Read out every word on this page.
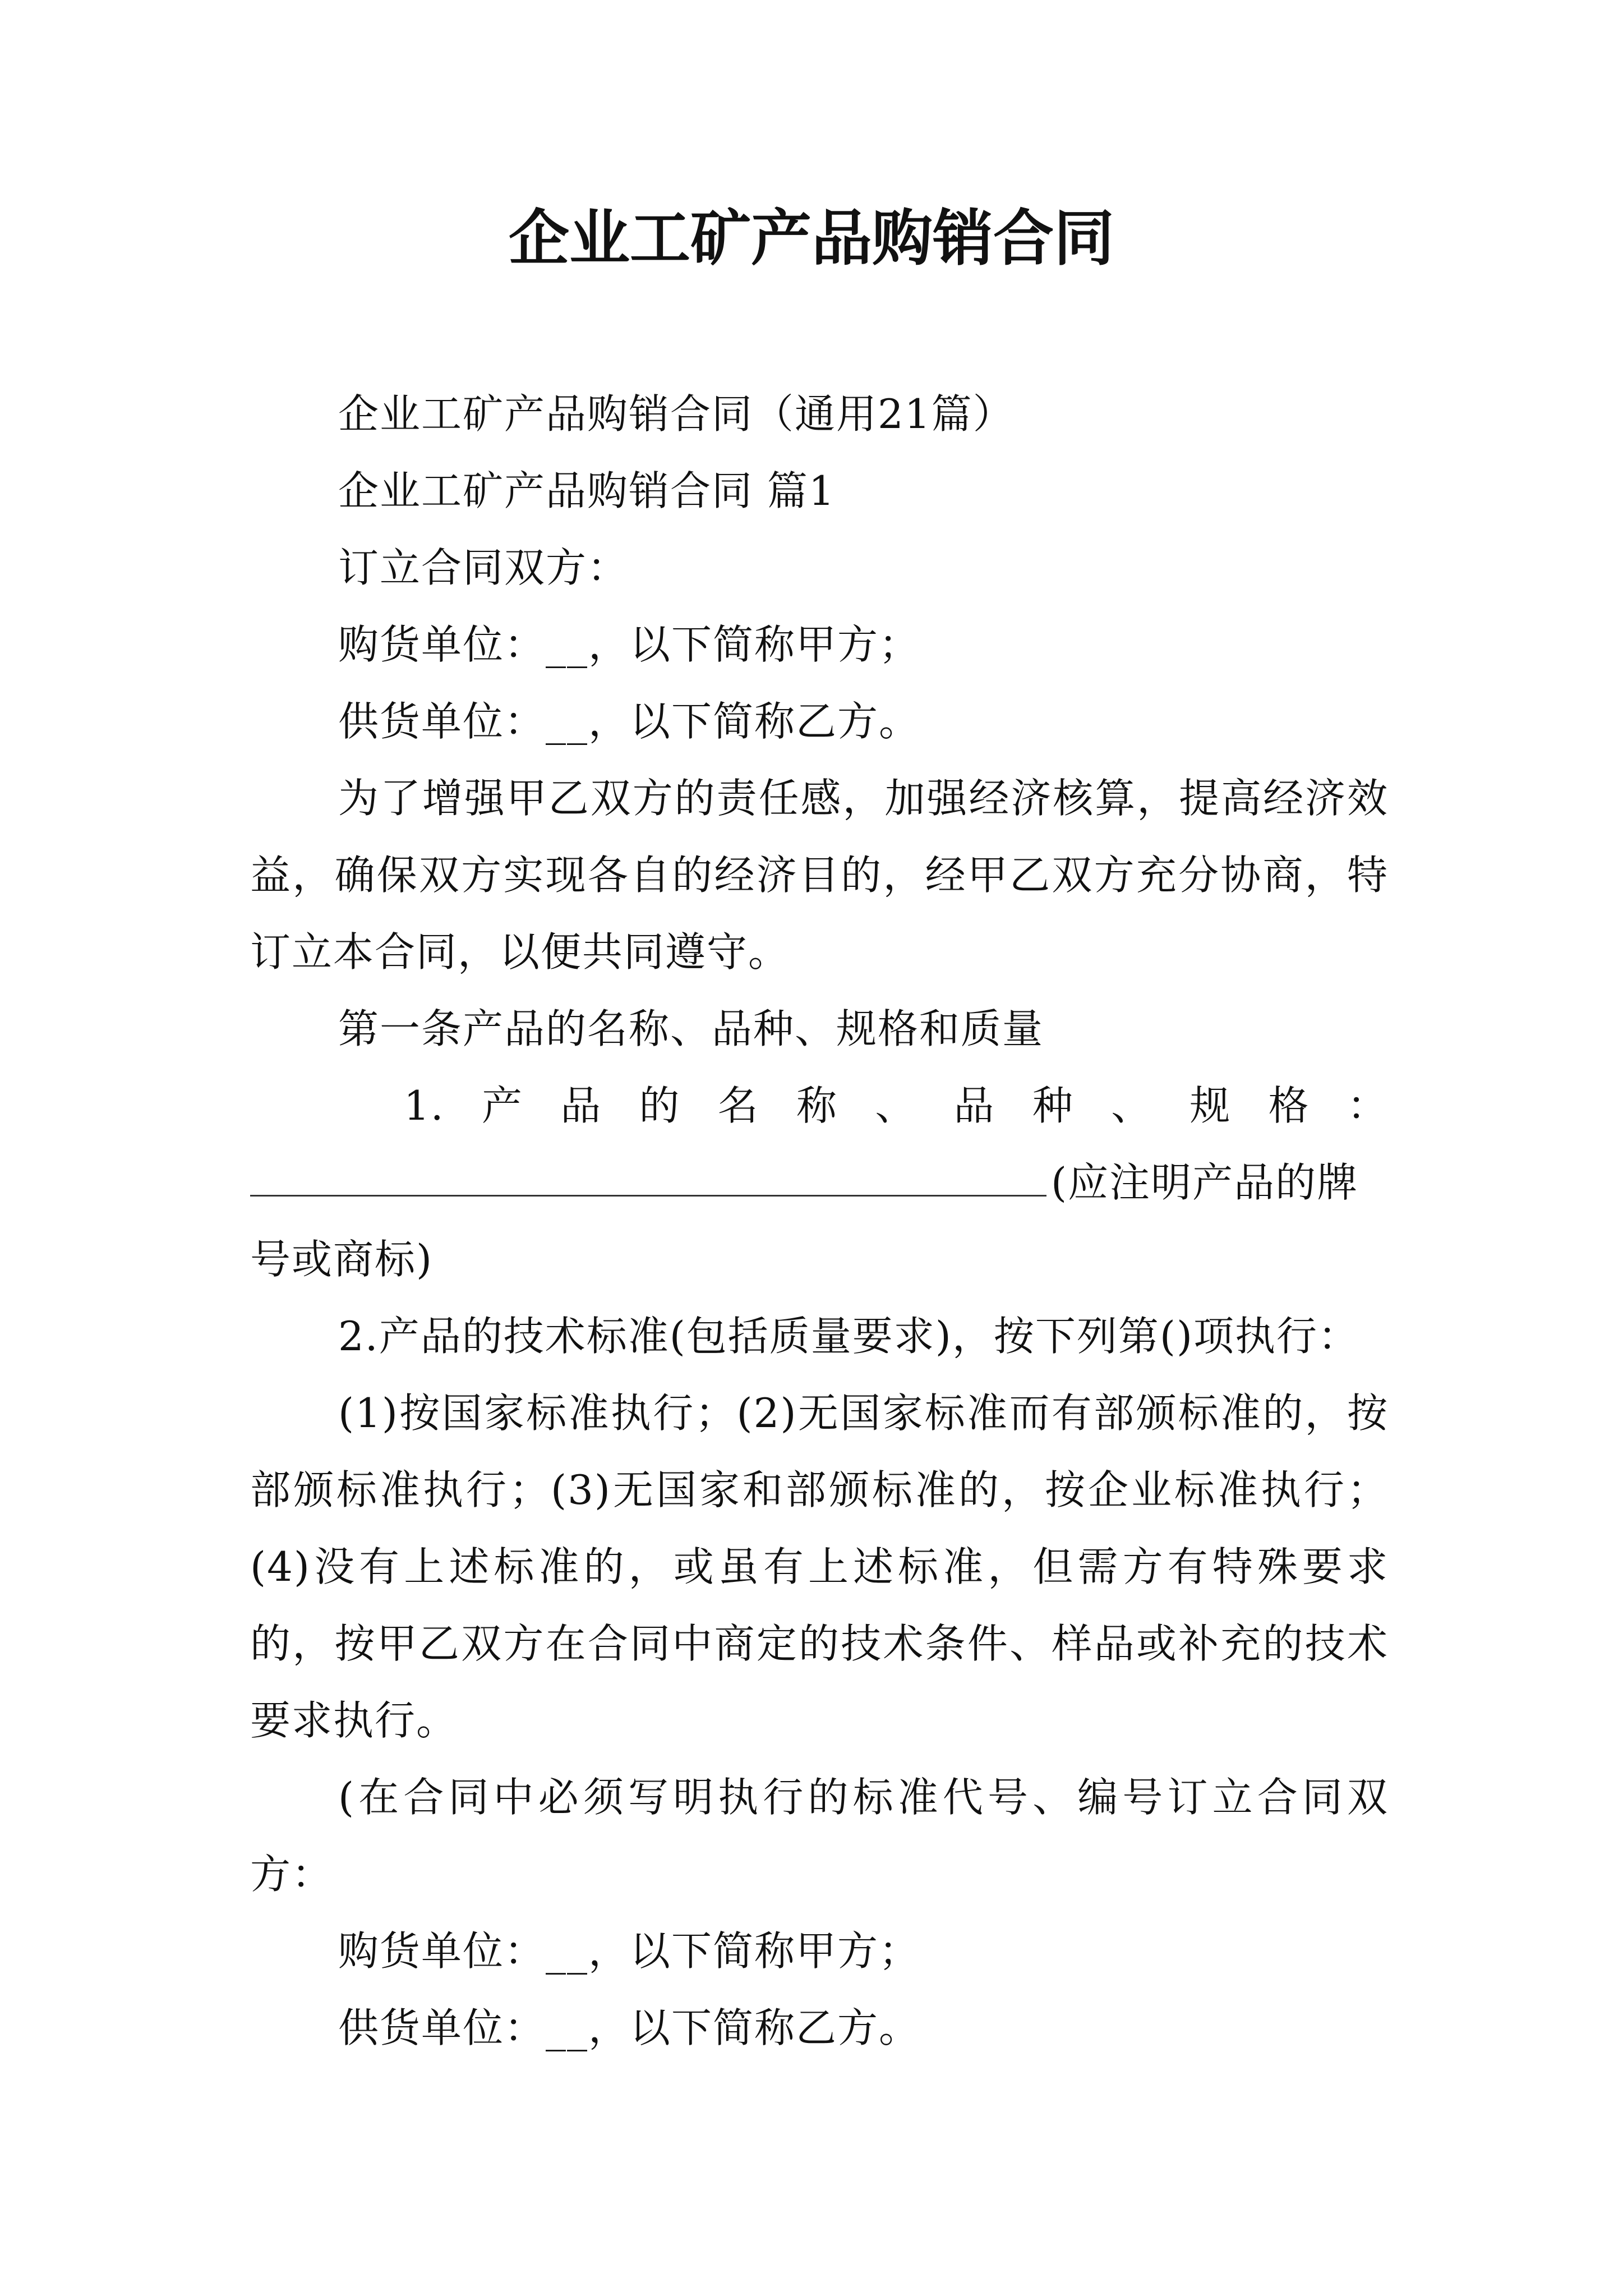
企业工矿产品购销合同

企业工矿产品购销合同（通用21篇）

企业工矿产品购销合同 篇1

订立合同双方：

购货单位：__，以下简称甲方；

供货单位：__，以下简称乙方。

为了增强甲乙双方的责任感，加强经济核算，提高经济效益，确保双方实现各自的经济目的，经甲乙双方充分协商，特订立本合同，以便共同遵守。

第一条产品的名称、品种、规格和质量

1. 产 品 的 名 称 、 品 种 、 规 格 ：

(应注明产品的牌号或商标)

2.产品的技术标准(包括质量要求)，按下列第()项执行：

(1)按国家标准执行；(2)无国家标准而有部颁标准的，按部颁标准执行；(3)无国家和部颁标准的，按企业标准执行；(4)没有上述标准的，或虽有上述标准，但需方有特殊要求的，按甲乙双方在合同中商定的技术条件、样品或补充的技术要求执行。

(在合同中必须写明执行的标准代号、编号订立合同双方：

购货单位：__，以下简称甲方；

供货单位：__，以下简称乙方。
